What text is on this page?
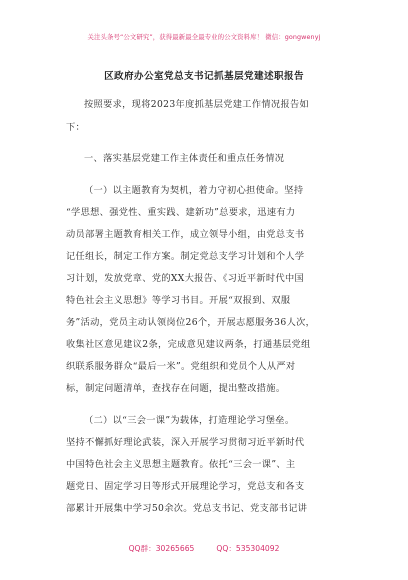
关注头条号“公文研究”，获得最新最全最专业的公文资料库！ 微信：gongwenyj
区政府办公室党总支书记抓基层党建述职报告
按照要求，现将2023年度抓基层党建工作情况报告如
下：
一、落实基层党建工作主体责任和重点任务情况
（一）以主题教育为契机，着力守初心担使命。坚持
“学思想、强党性、重实践、建新功”总要求，迅速有力
动员部署主题教育相关工作，成立领导小组，由党总支书
记任组长，制定工作方案。制定党总支学习计划和个人学
习计划，发放党章、党的XX大报告、《习近平新时代中国
特色社会主义思想》等学习书目。开展“双报到、双服
务”活动，党员主动认领岗位26个，开展志愿服务36人次，
收集社区意见建议2条，完成意见建议两条，打通基层党组
织联系服务群众“最后一米”。党组织和党员个人从严对
标，制定问题清单，查找存在问题，提出整改措施。
（二）以“三会一课”为载体，打造理论学习堡垒。
坚持不懈抓好理论武装，深入开展学习贯彻习近平新时代
中国特色社会主义思想主题教育。依托“三会一课”、主
题党日、固定学习日等形式开展理论学习，党总支和各支
部累计开展集中学习50余次。党总支书记、党支部书记讲
QQ群：30265665	QQ：535304092
